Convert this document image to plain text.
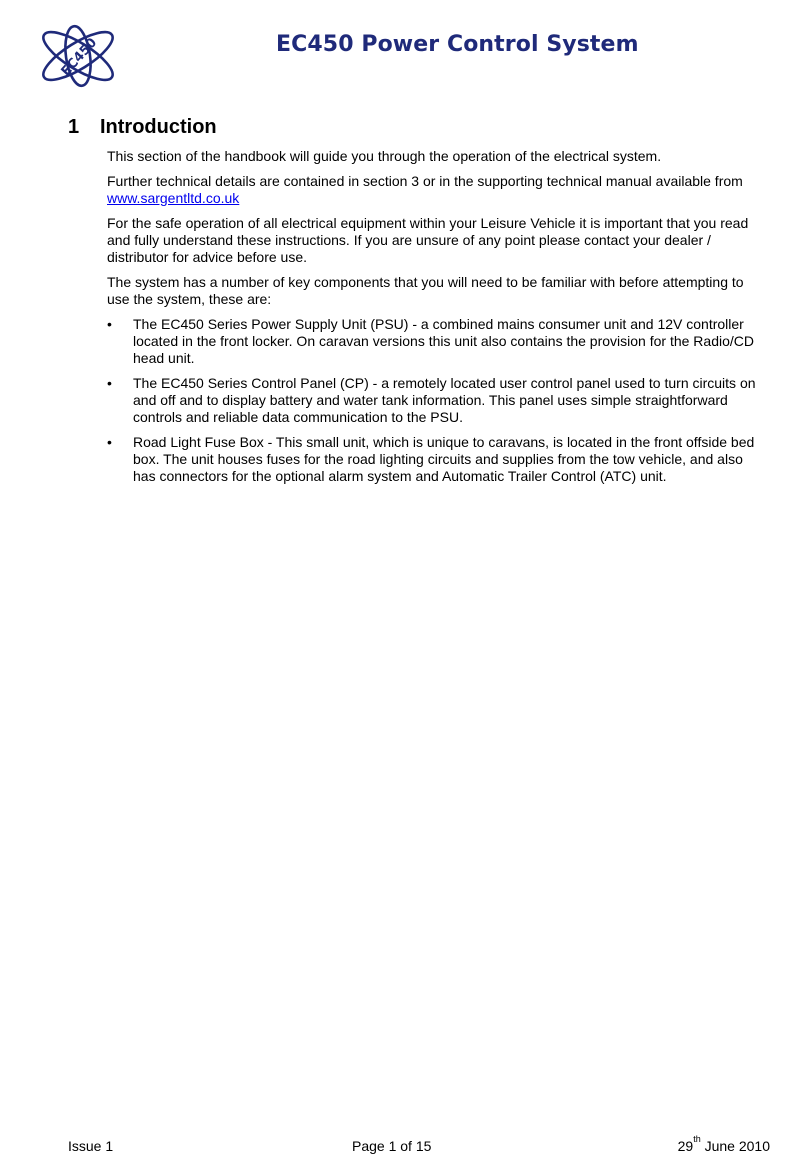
EC450	EC450 Power Control System
1 Introduction

This section of the handbook will guide you through the operation of the electrical system.

Further technical details are contained in section 3 or in the supporting technical manual available from
www.sargentltd.co.uk

For the safe operation of all electrical equipment within your Leisure Vehicle it is important that you read and fully understand these instructions. If you are unsure of any point please contact your dealer / distributor for advice before use.

The system has a number of key components that you will need to be familiar with before attempting to use the system, these are:

• The EC450 Series Power Supply Unit (PSU) - a combined mains consumer unit and 12V controller located in the front locker. On caravan versions this unit also contains the provision for the Radio/CD head unit.
• The EC450 Series Control Panel (CP) - a remotely located user control panel used to turn circuits on and off and to display battery and water tank information. This panel uses simple straightforward controls and reliable data communication to the PSU.
• Road Light Fuse Box - This small unit, which is unique to caravans, is located in the front offside bed box. The unit houses fuses for the road lighting circuits and supplies from the tow vehicle, and also has connectors for the optional alarm system and Automatic Trailer Control (ATC) unit.
Issue 1	Page 1 of 15	29th June 2010
